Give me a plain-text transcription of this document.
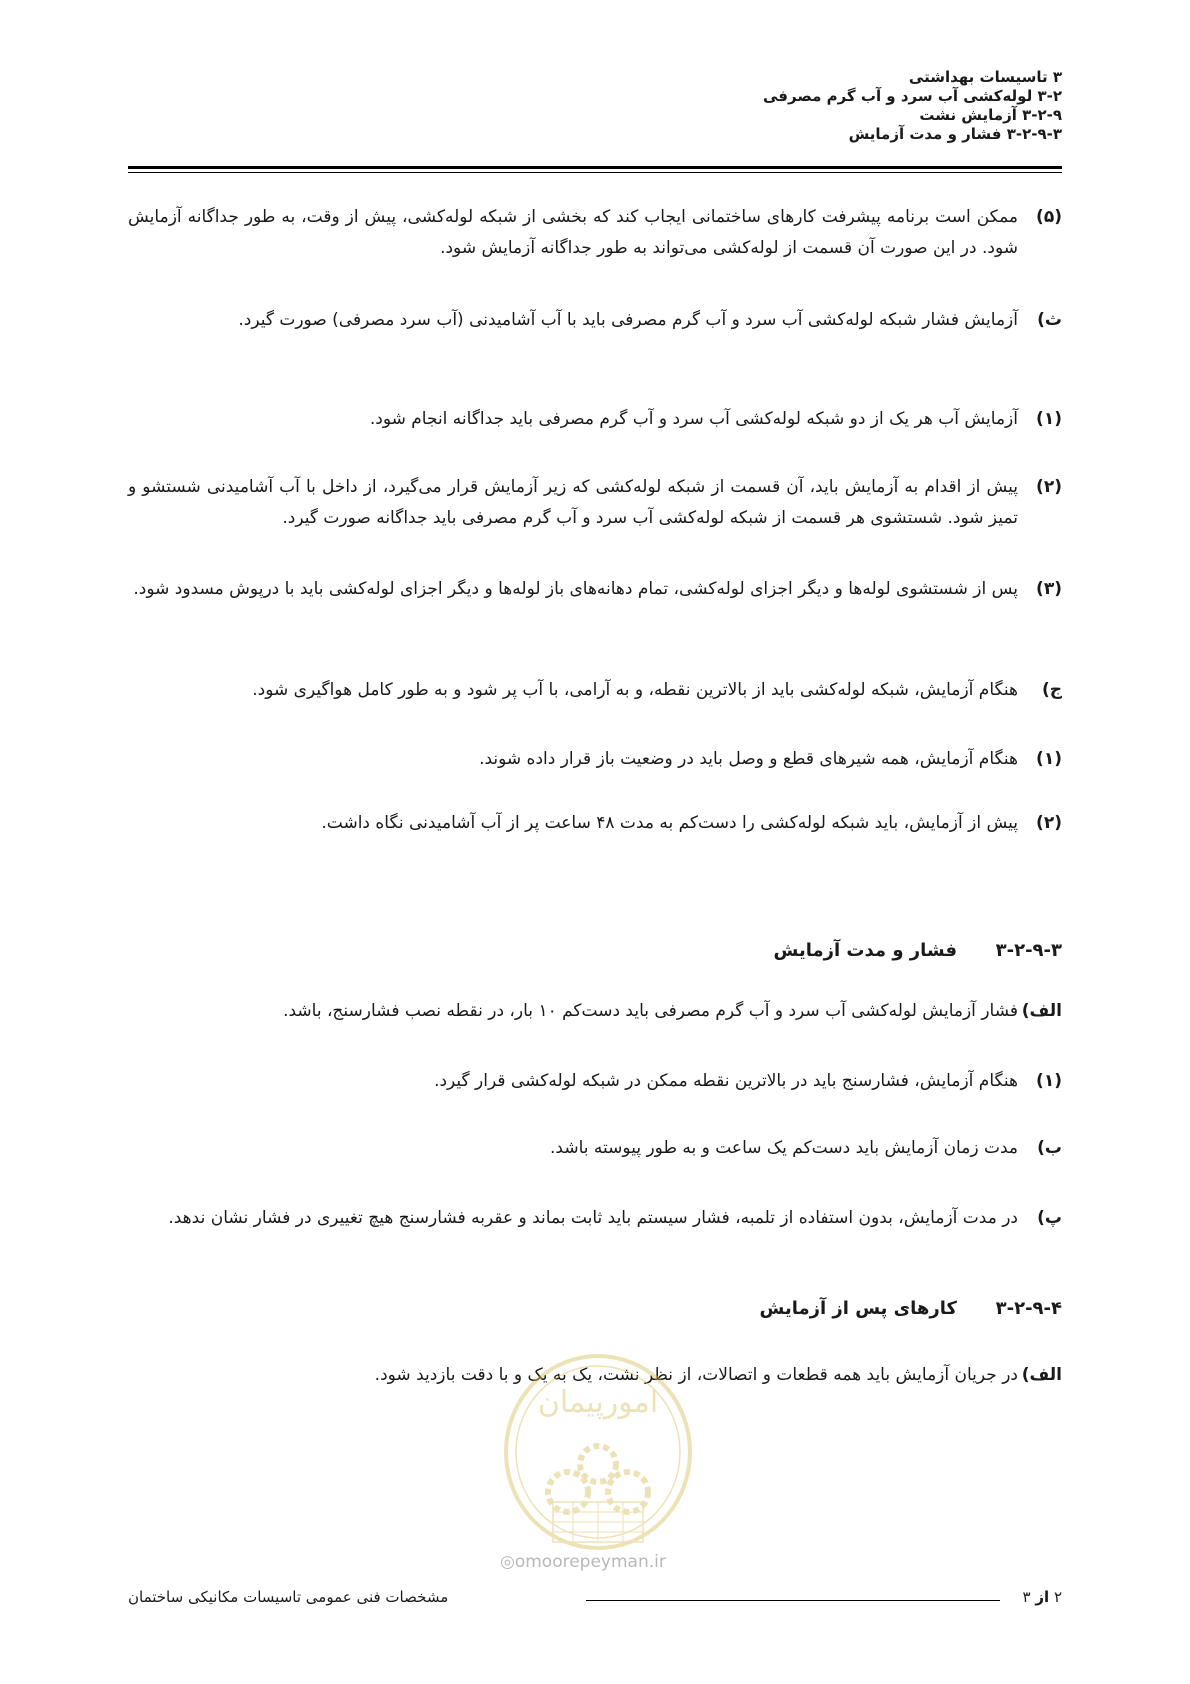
۳ تاسیسات بهداشتی
۳-۲ لوله‌کشی آب سرد و آب گرم مصرفی
۳-۲-۹ آزمایش نشت
۳-۲-۹-۳ فشار و مدت آزمایش
(۵)
ممکن است برنامه پیشرفت کارهای ساختمانی ایجاب کند که بخشی از شبکه لوله‌کشی، پیش از وقت، به طور جداگانه آزمایش شود. در این صورت آن قسمت از لوله‌کشی می‌تواند به طور جداگانه آزمایش شود.
ث)
آزمایش فشار شبکه لوله‌کشی آب سرد و آب گرم مصرفی باید با آب آشامیدنی (آب سرد مصرفی) صورت گیرد.
(۱)
آزمایش آب هر یک از دو شبکه لوله‌کشی آب سرد و آب گرم مصرفی باید جداگانه انجام شود.
(۲)
پیش از اقدام به آزمایش باید، آن قسمت از شبکه لوله‌کشی که زیر آزمایش قرار می‌گیرد، از داخل با آب آشامیدنی شستشو و تمیز شود. شستشوی هر قسمت از شبکه لوله‌کشی آب سرد و آب گرم مصرفی باید جداگانه صورت گیرد.
(۳)
پس از شستشوی لوله‌ها و دیگر اجزای لوله‌کشی، تمام دهانه‌های باز لوله‌ها و دیگر اجزای لوله‌کشی باید با درپوش مسدود شود.
ج)
هنگام آزمایش، شبکه لوله‌کشی باید از بالاترین نقطه، و به آرامی، با آب پر شود و به طور کامل هواگیری شود.
(۱)
هنگام آزمایش، همه شیرهای قطع و وصل باید در وضعیت باز قرار داده شوند.
(۲)
پیش از آزمایش، باید شبکه لوله‌کشی را دست‌کم به مدت ۴۸ ساعت پر از آب آشامیدنی نگاه داشت.
۳-۲-۹-۳
فشار و مدت آزمایش
الف)
فشار آزمایش لوله‌کشی آب سرد و آب گرم مصرفی باید دست‌کم ۱۰ بار، در نقطه نصب فشارسنج، باشد.
(۱)
هنگام آزمایش، فشارسنج باید در بالاترین نقطه ممکن در شبکه لوله‌کشی قرار گیرد.
ب)
مدت زمان آزمایش باید دست‌کم یک ساعت و به طور پیوسته باشد.
پ)
در مدت آزمایش، بدون استفاده از تلمبه، فشار سیستم باید ثابت بماند و عقربه فشارسنج هیچ تغییری در فشار نشان ندهد.
۳-۲-۹-۴
کارهای پس از آزمایش
الف)
در جریان آزمایش باید همه قطعات و اتصالات، از نظر نشت، یک به یک و با دقت بازدید شود.
امورپیمان
◎omoorepeyman.ir
۲ از ۳
مشخصات فنی عمومی تاسیسات مکانیکی ساختمان
